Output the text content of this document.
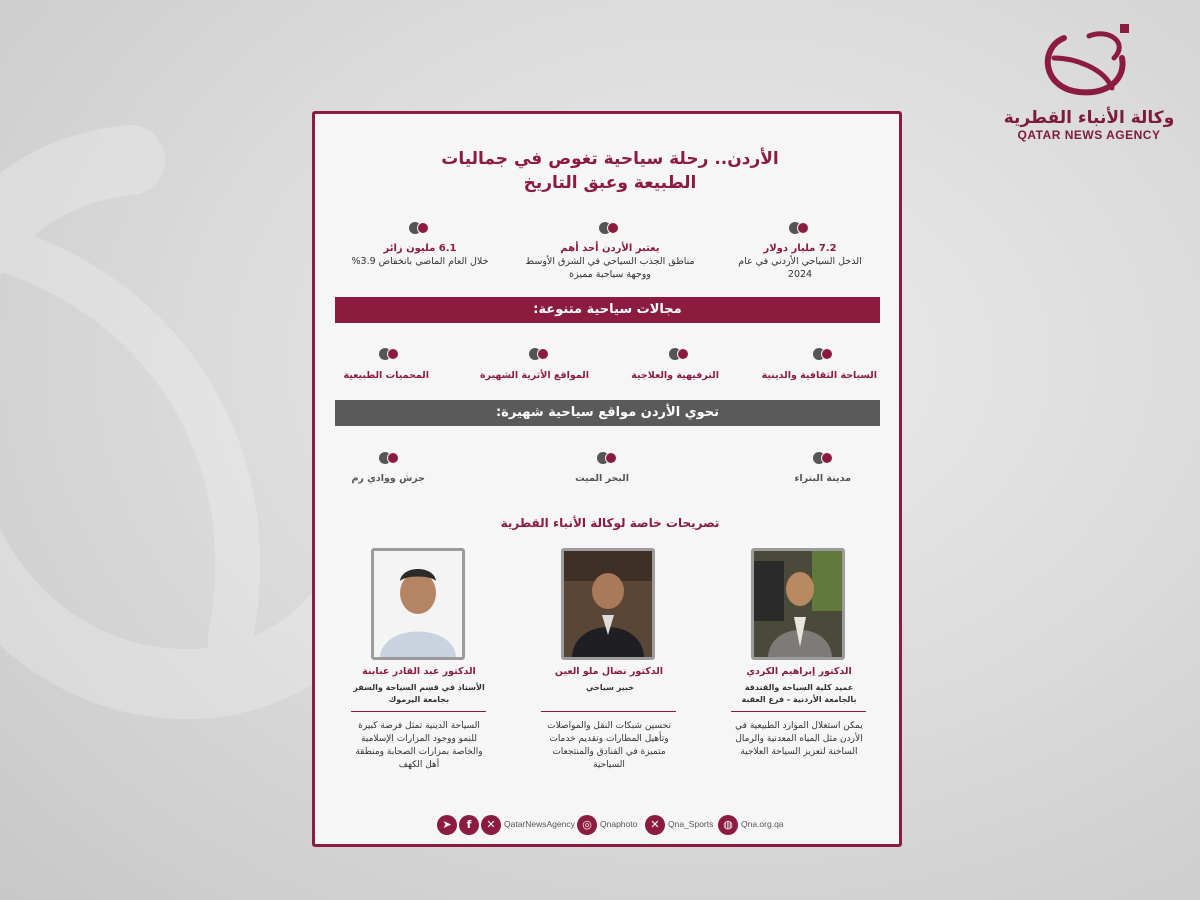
وكالة الأنباء القطرية
QATAR NEWS AGENCY
الأردن.. رحلة سياحية تغوص في جماليات الطبيعة وعبق التاريخ
7.2 مليار دولار
الدخل السياحي الأردني في عام 2024
يعتبر الأردن أحد أهم
مناطق الجذب السياحي في الشرق الأوسط ووجهة سياحية مميزة
6.1 مليون زائر
خلال العام الماضي بانخفاض 3.9%
مجالات سياحية متنوعة:
السياحة الثقافية والدينية
الترفيهية والعلاجية
المواقع الأثرية الشهيرة
المحميات الطبيعية
تحوي الأردن مواقع سياحية شهيرة:
مدينة البتراء
البحر الميت
جرش ووادي رم
تصريحات خاصة لوكالة الأنباء القطرية
الدكتور إبراهيم الكردي
عميد كلية السياحة والفندقة بالجامعة الأردنية - فرع العقبة
يمكن استغلال الموارد الطبيعية في الأردن مثل المياه المعدنية والرمال الساخنة لتعزيز السياحة العلاجية
الدكتور نضال ملو العين
خبير سياحي
تحسين شبكات النقل والمواصلات وتأهيل المطارات وتقديم خدمات متميزة في الفنادق والمنتجعات السياحية
الدكتور عبد القادر عبابنة
الأستاذ في قسم السياحة والسفر بجامعة اليرموك
السياحة الدينية تمثل فرصة كبيرة للنمو ووجود المزارات الإسلامية والخاصة بمزارات الصحابة ومنطقة أهل الكهف
➤	f	✕ QatarNewsAgency ◎ Qnaphoto	✕ Qna_Sports ◍ Qna.org.qa
